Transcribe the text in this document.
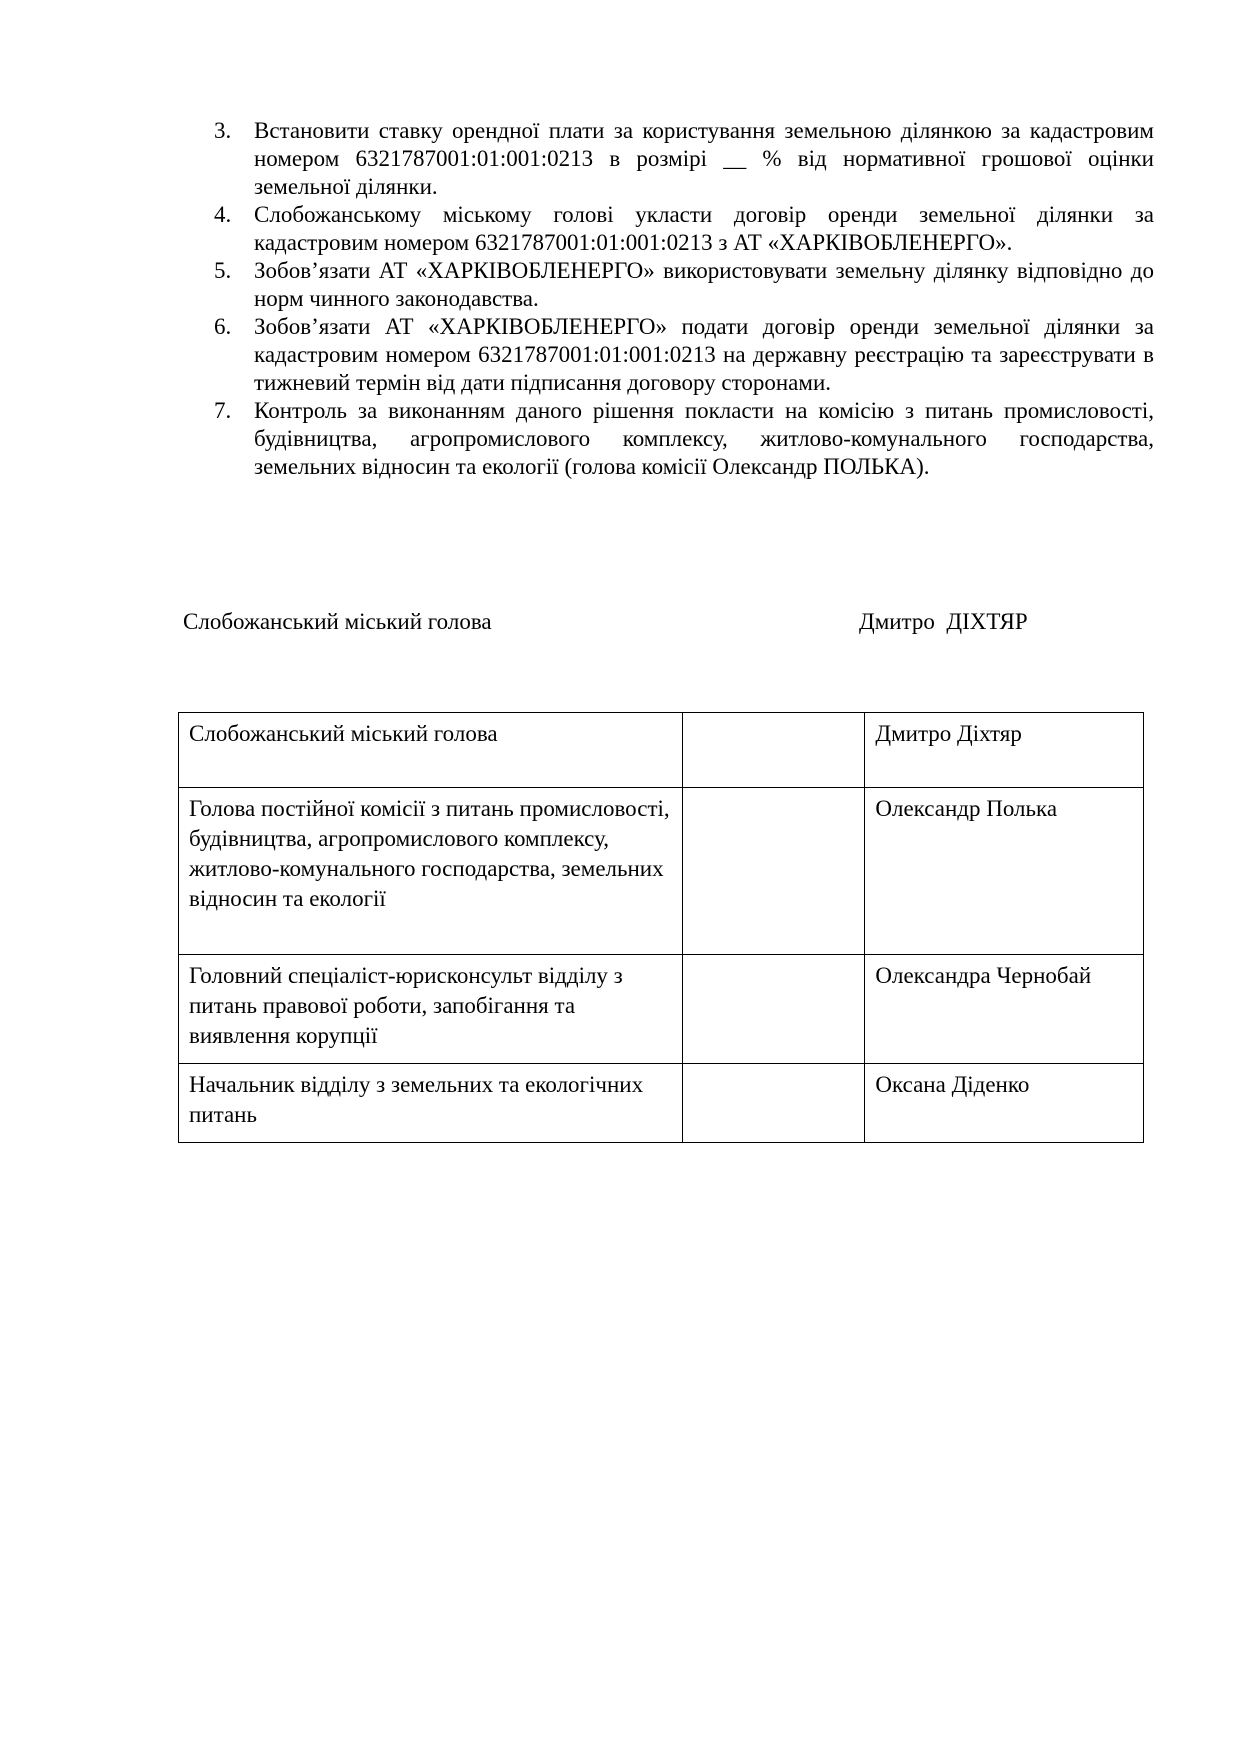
3. Встановити ставку орендної плати за користування земельною ділянкою за кадастровим номером 6321787001:01:001:0213 в розмірі __ % від нормативної грошової оцінки земельної ділянки.
4. Слобожанському міському голові укласти договір оренди земельної ділянки за кадастровим номером 6321787001:01:001:0213 з АТ «ХАРКІВОБЛЕНЕРГО».
5. Зобов’язати АТ «ХАРКІВОБЛЕНЕРГО» використовувати земельну ділянку відповідно до норм чинного законодавства.
6. Зобов’язати АТ «ХАРКІВОБЛЕНЕРГО» подати договір оренди земельної ділянки за кадастровим номером 6321787001:01:001:0213 на державну реєстрацію та зареєструвати в тижневий термін від дати підписання договору сторонами.
7. Контроль за виконанням даного рішення покласти на комісію з питань промисловості, будівництва, агропромислового комплексу, житлово-комунального господарства, земельних відносин та екології (голова комісії Олександр ПОЛЬКА).
Слобожанський міський голова	Дмитро  ДІХТЯР
Слобожанський міський голова		Дмитро Діхтяр
Голова постійної комісії з питань промисловості, будівництва, агропромислового комплексу, житлово-комунального господарства, земельних відносин та екології		Олександр Полька
Головний спеціаліст-юрисконсульт відділу з питань правової роботи, запобігання та виявлення корупції		Олександра Чернобай
Начальник відділу з земельних та екологічних питань		Оксана Діденко
